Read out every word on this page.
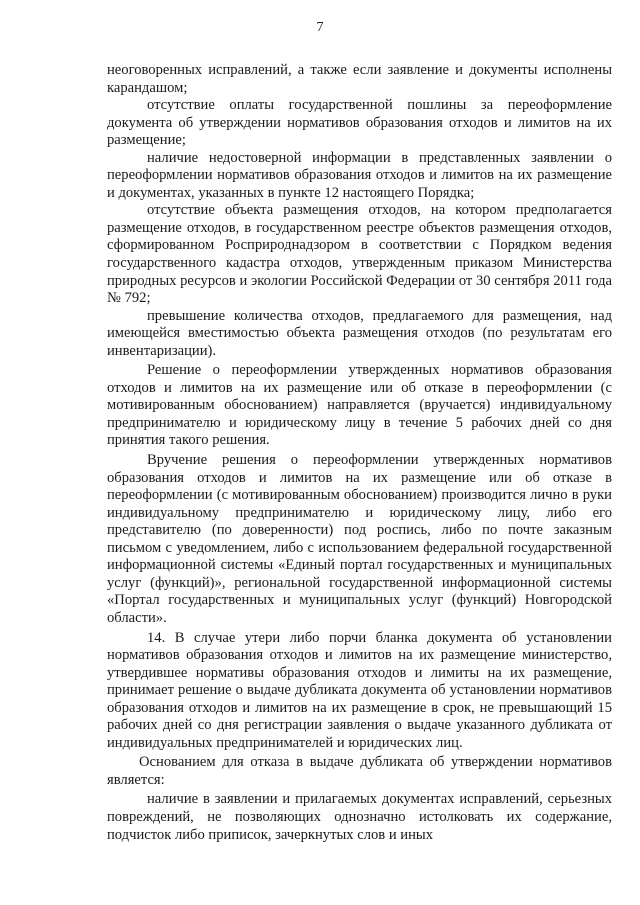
7

неоговоренных исправлений, а также если заявление и документы исполнены карандашом;

отсутствие оплаты государственной пошлины за переоформление документа об утверждении нормативов образования отходов и лимитов на их размещение;

наличие недостоверной информации в представленных заявлении о переоформлении нормативов образования отходов и лимитов на их размещение и документах, указанных в пункте 12 настоящего Порядка;

отсутствие объекта размещения отходов, на котором предполагается размещение отходов, в государственном реестре объектов размещения отходов, сформированном Росприроднадзором в соответствии с Порядком ведения государственного кадастра отходов, утвержденным приказом Министерства природных ресурсов и экологии Российской Федерации от 30 сентября 2011 года № 792;

превышение количества отходов, предлагаемого для размещения, над имеющейся вместимостью объекта размещения отходов (по результатам его инвентаризации).

Решение о переоформлении утвержденных нормативов образования отходов и лимитов на их размещение или об отказе в переоформлении (с мотивированным обоснованием) направляется (вручается) индивидуальному предпринимателю и юридическому лицу в течение 5 рабочих дней со дня принятия такого решения.

Вручение решения о переоформлении утвержденных нормативов образования отходов и лимитов на их размещение или об отказе в переоформлении (с мотивированным обоснованием) производится лично в руки индивидуальному предпринимателю и юридическому лицу, либо его представителю (по доверенности) под роспись, либо по почте заказным письмом с уведомлением, либо с использованием федеральной государственной информационной системы «Единый портал государственных и муниципальных услуг (функций)», региональной государственной информационной системы «Портал государственных и муниципальных услуг (функций) Новгородской области».

14. В случае утери либо порчи бланка документа об установлении нормативов образования отходов и лимитов на их размещение министерство, утвердившее нормативы образования отходов и лимиты на их размещение, принимает решение о выдаче дубликата документа об установлении нормативов образования отходов и лимитов на их размещение в срок, не превышающий 15 рабочих дней со дня регистрации заявления о выдаче указанного дубликата от индивидуальных предпринимателей и юридических лиц.

Основанием для отказа в выдаче дубликата об утверждении нормативов является:

наличие в заявлении и прилагаемых документах исправлений, серьезных повреждений, не позволяющих однозначно истолковать их содержание, подчисток либо приписок, зачеркнутых слов и иных
